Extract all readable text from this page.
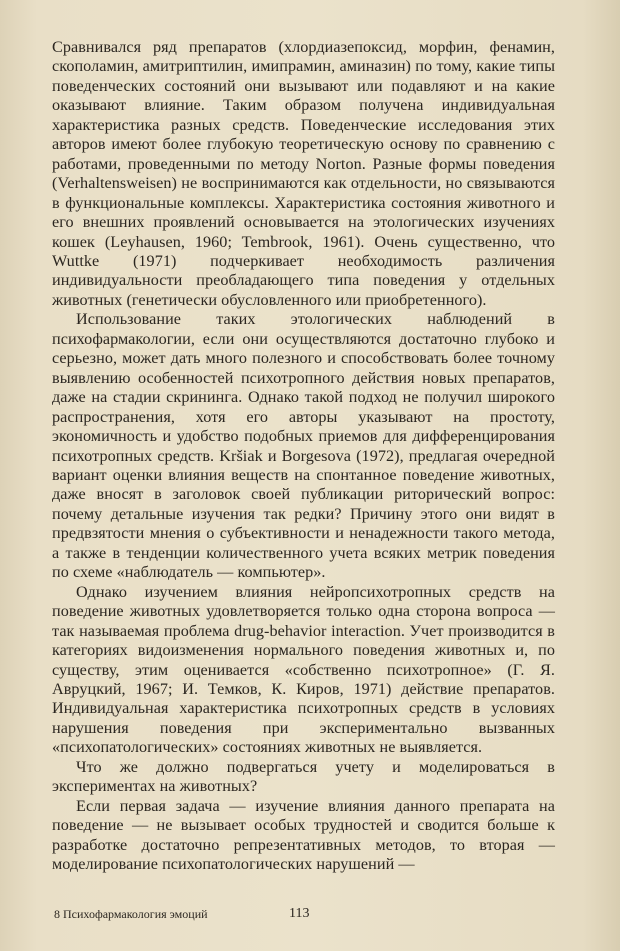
Сравнивался ряд препаратов (хлордиазепоксид, морфин, фенамин, скополамин, амитриптилин, имипрамин, аминазин) по тому, какие типы поведенческих состояний они вызывают или подавляют и на какие оказывают влияние. Таким образом получена индивидуальная характеристика разных средств. Поведенческие исследования этих авторов имеют более глубокую теоретическую основу по сравнению с работами, проведенными по методу Norton. Разные формы поведения (Verhaltensweisen) не воспринимаются как отдельности, но связываются в функциональные комплексы. Характеристика состояния животного и его внешних проявлений основывается на этологических изучениях кошек (Leyhausen, 1960; Tembrook, 1961). Очень существенно, что Wuttke (1971) подчеркивает необходимость различения индивидуальности преобладающего типа поведения у отдельных животных (генетически обусловленного или приобретенного).

Использование таких этологических наблюдений в психофармакологии, если они осуществляются достаточно глубоко и серьезно, может дать много полезного и способствовать более точному выявлению особенностей психотропного действия новых препаратов, даже на стадии скрининга. Однако такой подход не получил широкого распространения, хотя его авторы указывают на простоту, экономичность и удобство подобных приемов для дифференцирования психотропных средств. Kršiak и Borgesova (1972), предлагая очередной вариант оценки влияния веществ на спонтанное поведение животных, даже вносят в заголовок своей публикации риторический вопрос: почему детальные изучения так редки? Причину этого они видят в предвзятости мнения о субъективности и ненадежности такого метода, а также в тенденции количественного учета всяких метрик поведения по схеме «наблюдатель — компьютер».

Однако изучением влияния нейропсихотропных средств на поведение животных удовлетворяется только одна сторона вопроса — так называемая проблема drug-behavior interaction. Учет производится в категориях видоизменения нормального поведения животных и, по существу, этим оценивается «собственно психотропное» (Г. Я. Авруцкий, 1967; И. Темков, К. Киров, 1971) действие препаратов. Индивидуальная характеристика психотропных средств в условиях нарушения поведения при экспериментально вызванных «психопатологических» состояниях животных не выявляется.

Что же должно подвергаться учету и моделироваться в экспериментах на животных?

Если первая задача — изучение влияния данного препарата на поведение — не вызывает особых трудностей и сводится больше к разработке достаточно репрезентативных методов, то вторая — моделирование психопатологических нарушений —

8 Психофармакология эмоций	113
